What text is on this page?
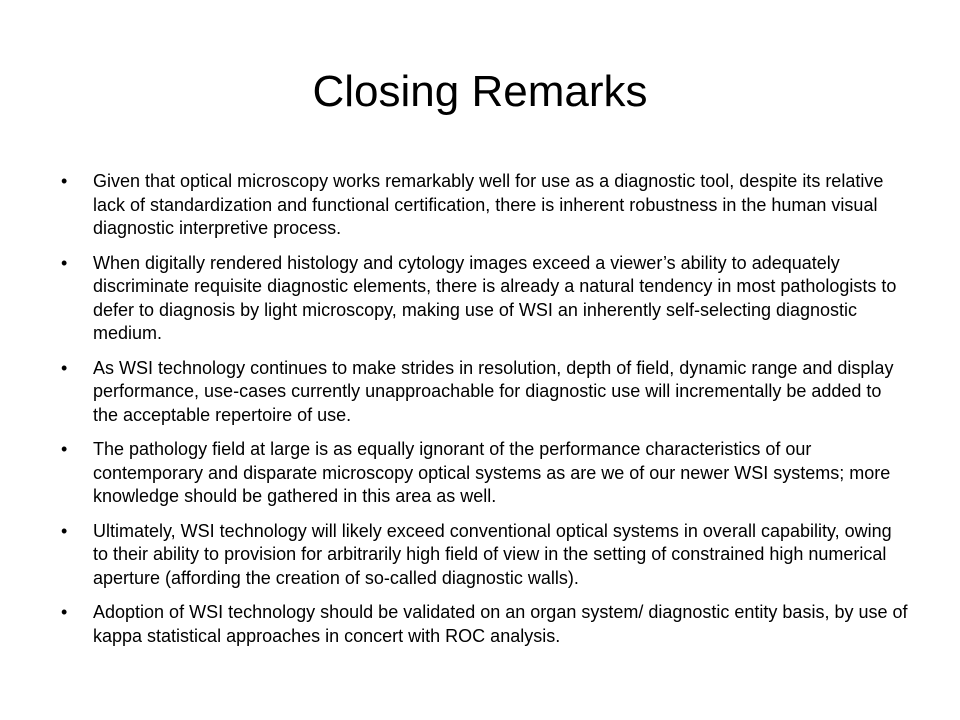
Closing Remarks
• Given that optical microscopy works remarkably well for use as a diagnostic tool, despite its relative lack of standardization and functional certification, there is inherent robustness in the human visual diagnostic interpretive process.
• When digitally rendered histology and cytology images exceed a viewer’s ability to adequately discriminate requisite diagnostic elements, there is already a natural tendency in most pathologists to defer to diagnosis by light microscopy, making use of WSI an inherently self-selecting diagnostic medium.
• As WSI technology continues to make strides in resolution, depth of field, dynamic range and display performance, use-cases currently unapproachable for diagnostic use will incrementally be added to the acceptable repertoire of use.
• The pathology field at large is as equally ignorant of the performance characteristics of our contemporary and disparate microscopy optical systems as are we of our newer WSI systems; more knowledge should be gathered in this area as well.
• Ultimately, WSI technology will likely exceed conventional optical systems in overall capability, owing to their ability to provision for arbitrarily high field of view in the setting of constrained high numerical aperture (affording the creation of so-called diagnostic walls).
• Adoption of WSI technology should be validated on an organ system/ diagnostic entity basis, by use of kappa statistical approaches in concert with ROC analysis.
